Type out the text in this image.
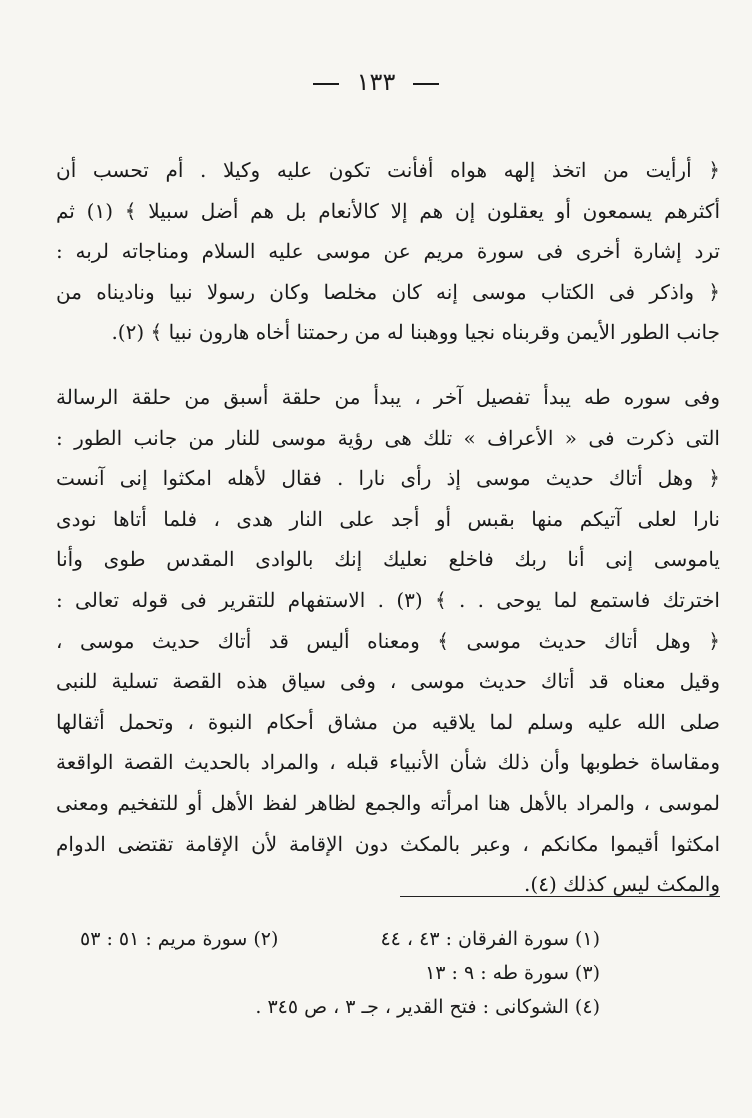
١٣٣
﴿ أرأيت من اتخذ إلهه هواه أفأنت تكون عليه وكيلا . أم تحسب أن
أكثرهم يسمعون أو يعقلون إن هم إلا كالأنعام بل هم أضل سبيلا ﴾ (١) ثم
ترد إشارة أخرى فى سورة مريم عن موسى عليه السلام ومناجاته لربه :
﴿ واذكر فى الكتاب موسى إنه كان مخلصا وكان رسولا نبيا وناديناه من
جانب الطور الأيمن وقربناه نجيا ووهبنا له من رحمتنا أخاه هارون نبيا ﴾ (٢).
وفى سوره طه يبدأ تفصيل آخر ، يبدأ من حلقة أسبق من حلقة الرسالة
التى ذكرت فى « الأعراف » تلك هى رؤية موسى للنار من جانب الطور :
﴿ وهل أتاك حديث موسى إذ رأى نارا . فقال لأهله امكثوا إنى آنست
نارا لعلى آتيكم منها بقبس أو أجد على النار هدى ، فلما أتاها نودى
ياموسى إنى أنا ربك فاخلع نعليك إنك بالوادى المقدس طوى وأنا
اخترتك فاستمع لما يوحى . . ﴾ (٣) . الاستفهام للتقرير فى قوله تعالى :
﴿ وهل أتاك حديث موسى ﴾ ومعناه أليس قد أتاك حديث موسى ،
وقيل معناه قد أتاك حديث موسى ، وفى سياق هذه القصة تسلية للنبى
صلى الله عليه وسلم لما يلاقيه من مشاق أحكام النبوة ، وتحمل أثقالها
ومقاساة خطوبها وأن ذلك شأن الأنبياء قبله ، والمراد بالحديث القصة الواقعة
لموسى ، والمراد بالأهل هنا امرأته والجمع لظاهر لفظ الأهل أو للتفخيم ومعنى
امكثوا أقيموا مكانكم ، وعبر بالمكث دون الإقامة لأن الإقامة تقتضى الدوام
والمكث ليس كذلك (٤).
(١) سورة الفرقان : ٤٣ ، ٤٤
(٢) سورة مريم : ٥١ : ٥٣
(٣) سورة طه : ٩ : ١٣
(٤) الشوكانى : فتح القدير ، جـ ٣ ، ص ٣٤٥ .
